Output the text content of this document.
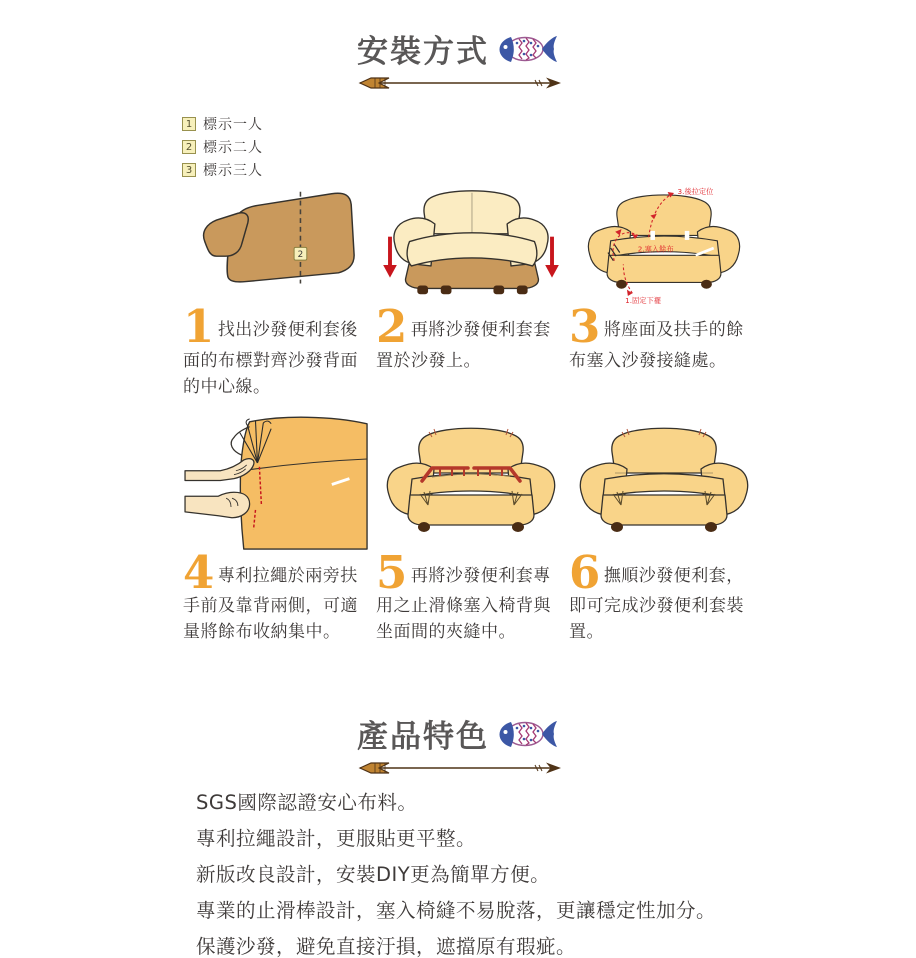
安裝方式
1 標示一人
2 標示二人
3 標示三人
2
1 找出沙發便利套後面的布標對齊沙發背面的中心線。
2 再將沙發便利套套置於沙發上。
2.塞入餘布
3.後拉定位
1.固定下襬
3 將座面及扶手的餘布塞入沙發接縫處。
4 專利拉繩於兩旁扶手前及靠背兩側，可適量將餘布收納集中。
5 再將沙發便利套專用之止滑條塞入椅背與坐面間的夾縫中。
6 撫順沙發便利套，即可完成沙發便利套裝置。
產品特色
SGS國際認證安心布料。
專利拉繩設計，更服貼更平整。
新版改良設計，安裝DIY更為簡單方便。
專業的止滑棒設計，塞入椅縫不易脫落，更讓穩定性加分。
保護沙發，避免直接汙損，遮擋原有瑕疵。
